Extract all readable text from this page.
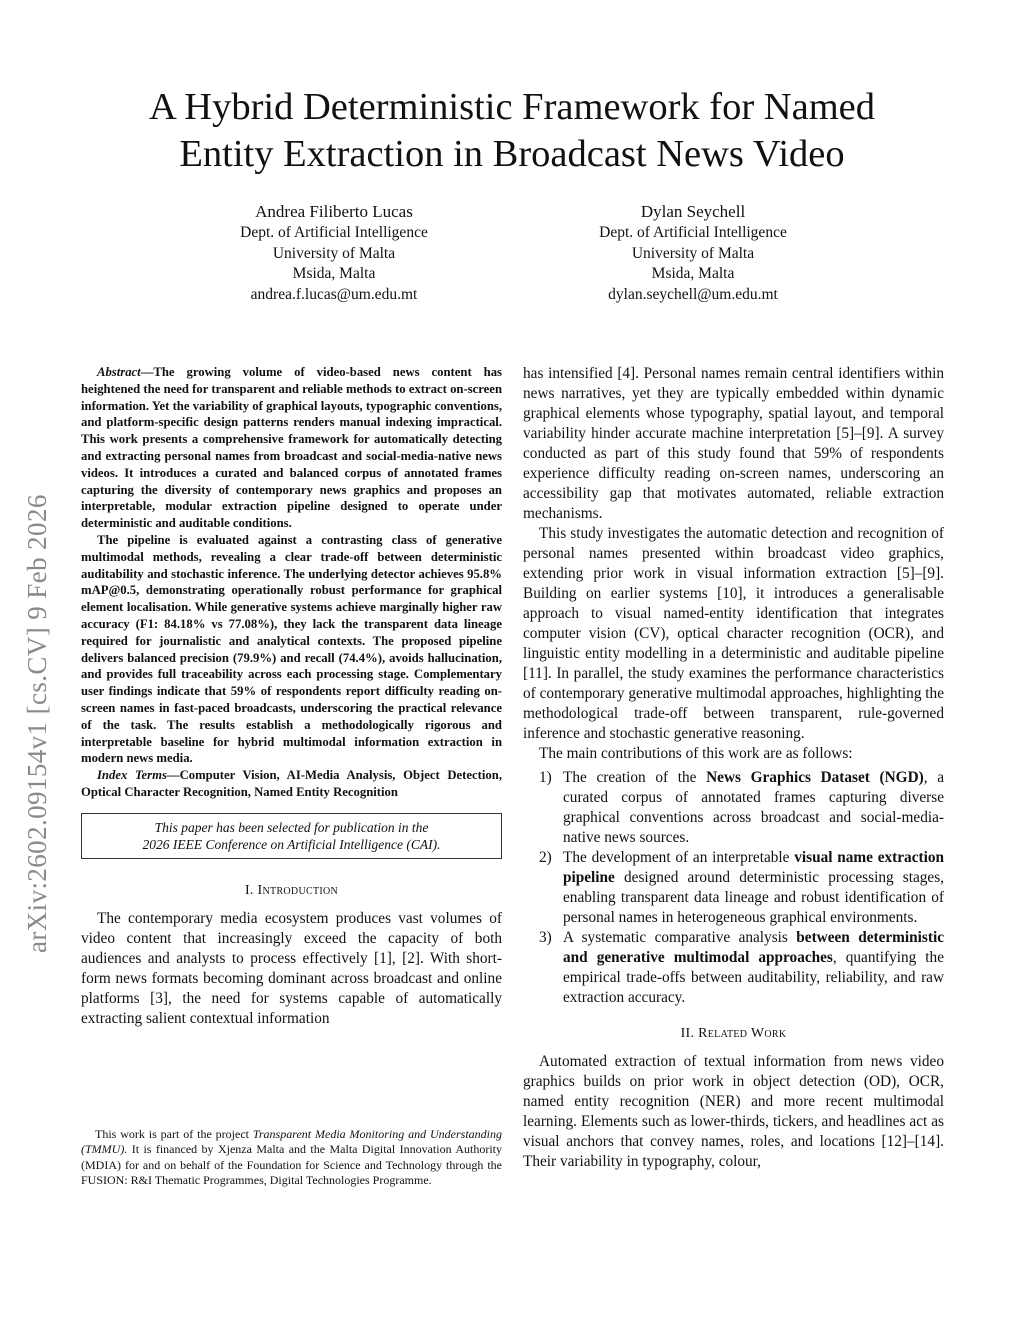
arXiv:2602.09154v1 [cs.CV] 9 Feb 2026
A Hybrid Deterministic Framework for Named
Entity Extraction in Broadcast News Video
Andrea Filiberto Lucas
Dept. of Artificial Intelligence
University of Malta
Msida, Malta
andrea.f.lucas@um.edu.mt
Dylan Seychell
Dept. of Artificial Intelligence
University of Malta
Msida, Malta
dylan.seychell@um.edu.mt

Abstract—The growing volume of video-based news content has heightened the need for transparent and reliable methods to extract on-screen information. Yet the variability of graphical layouts, typographic conventions, and platform-specific design patterns renders manual indexing impractical. This work presents a comprehensive framework for automatically detecting and extracting personal names from broadcast and social-media-native news videos. It introduces a curated and balanced corpus of annotated frames capturing the diversity of contemporary news graphics and proposes an interpretable, modular extraction pipeline designed to operate under deterministic and auditable conditions.

The pipeline is evaluated against a contrasting class of generative multimodal methods, revealing a clear trade-off between deterministic auditability and stochastic inference. The underlying detector achieves 95.8% mAP@0.5, demonstrating operationally robust performance for graphical element localisation. While generative systems achieve marginally higher raw accuracy (F1: 84.18% vs 77.08%), they lack the transparent data lineage required for journalistic and analytical contexts. The proposed pipeline delivers balanced precision (79.9%) and recall (74.4%), avoids hallucination, and provides full traceability across each processing stage. Complementary user findings indicate that 59% of respondents report difficulty reading on-screen names in fast-paced broadcasts, underscoring the practical relevance of the task. The results establish a methodologically rigorous and interpretable baseline for hybrid multimodal information extraction in modern news media.

Index Terms—Computer Vision, AI-Media Analysis, Object Detection, Optical Character Recognition, Named Entity Recognition

This paper has been selected for publication in the
2026 IEEE Conference on Artificial Intelligence (CAI).
I. Introduction

The contemporary media ecosystem produces vast volumes of video content that increasingly exceed the capacity of both audiences and analysts to process effectively [1], [2]. With short-form news formats becoming dominant across broadcast and online platforms [3], the need for systems capable of automatically extracting salient contextual information

This work is part of the project Transparent Media Monitoring and Understanding (TMMU). It is financed by Xjenza Malta and the Malta Digital Innovation Authority (MDIA) for and on behalf of the Foundation for Science and Technology through the FUSION: R&I Thematic Programmes, Digital Technologies Programme.

has intensified [4]. Personal names remain central identifiers within news narratives, yet they are typically embedded within dynamic graphical elements whose typography, spatial layout, and temporal variability hinder accurate machine interpretation [5]–[9]. A survey conducted as part of this study found that 59% of respondents experience difficulty reading on-screen names, underscoring an accessibility gap that motivates automated, reliable extraction mechanisms.

This study investigates the automatic detection and recognition of personal names presented within broadcast video graphics, extending prior work in visual information extraction [5]–[9]. Building on earlier systems [10], it introduces a generalisable approach to visual named-entity identification that integrates computer vision (CV), optical character recognition (OCR), and linguistic entity modelling in a deterministic and auditable pipeline [11]. In parallel, the study examines the performance characteristics of contemporary generative multimodal approaches, highlighting the methodological trade-off between transparent, rule-governed inference and stochastic generative reasoning.

The main contributions of this work are as follows:

1) The creation of the News Graphics Dataset (NGD), a curated corpus of annotated frames capturing diverse graphical conventions across broadcast and social-media-native news sources.
2) The development of an interpretable visual name extraction pipeline designed around deterministic processing stages, enabling transparent data lineage and robust identification of personal names in heterogeneous graphical environments.
3) A systematic comparative analysis between deterministic and generative multimodal approaches, quantifying the empirical trade-offs between auditability, reliability, and raw extraction accuracy.
II. Related Work

Automated extraction of textual information from news video graphics builds on prior work in object detection (OD), OCR, named entity recognition (NER) and more recent multimodal learning. Elements such as lower-thirds, tickers, and headlines act as visual anchors that convey names, roles, and locations [12]–[14]. Their variability in typography, colour,
